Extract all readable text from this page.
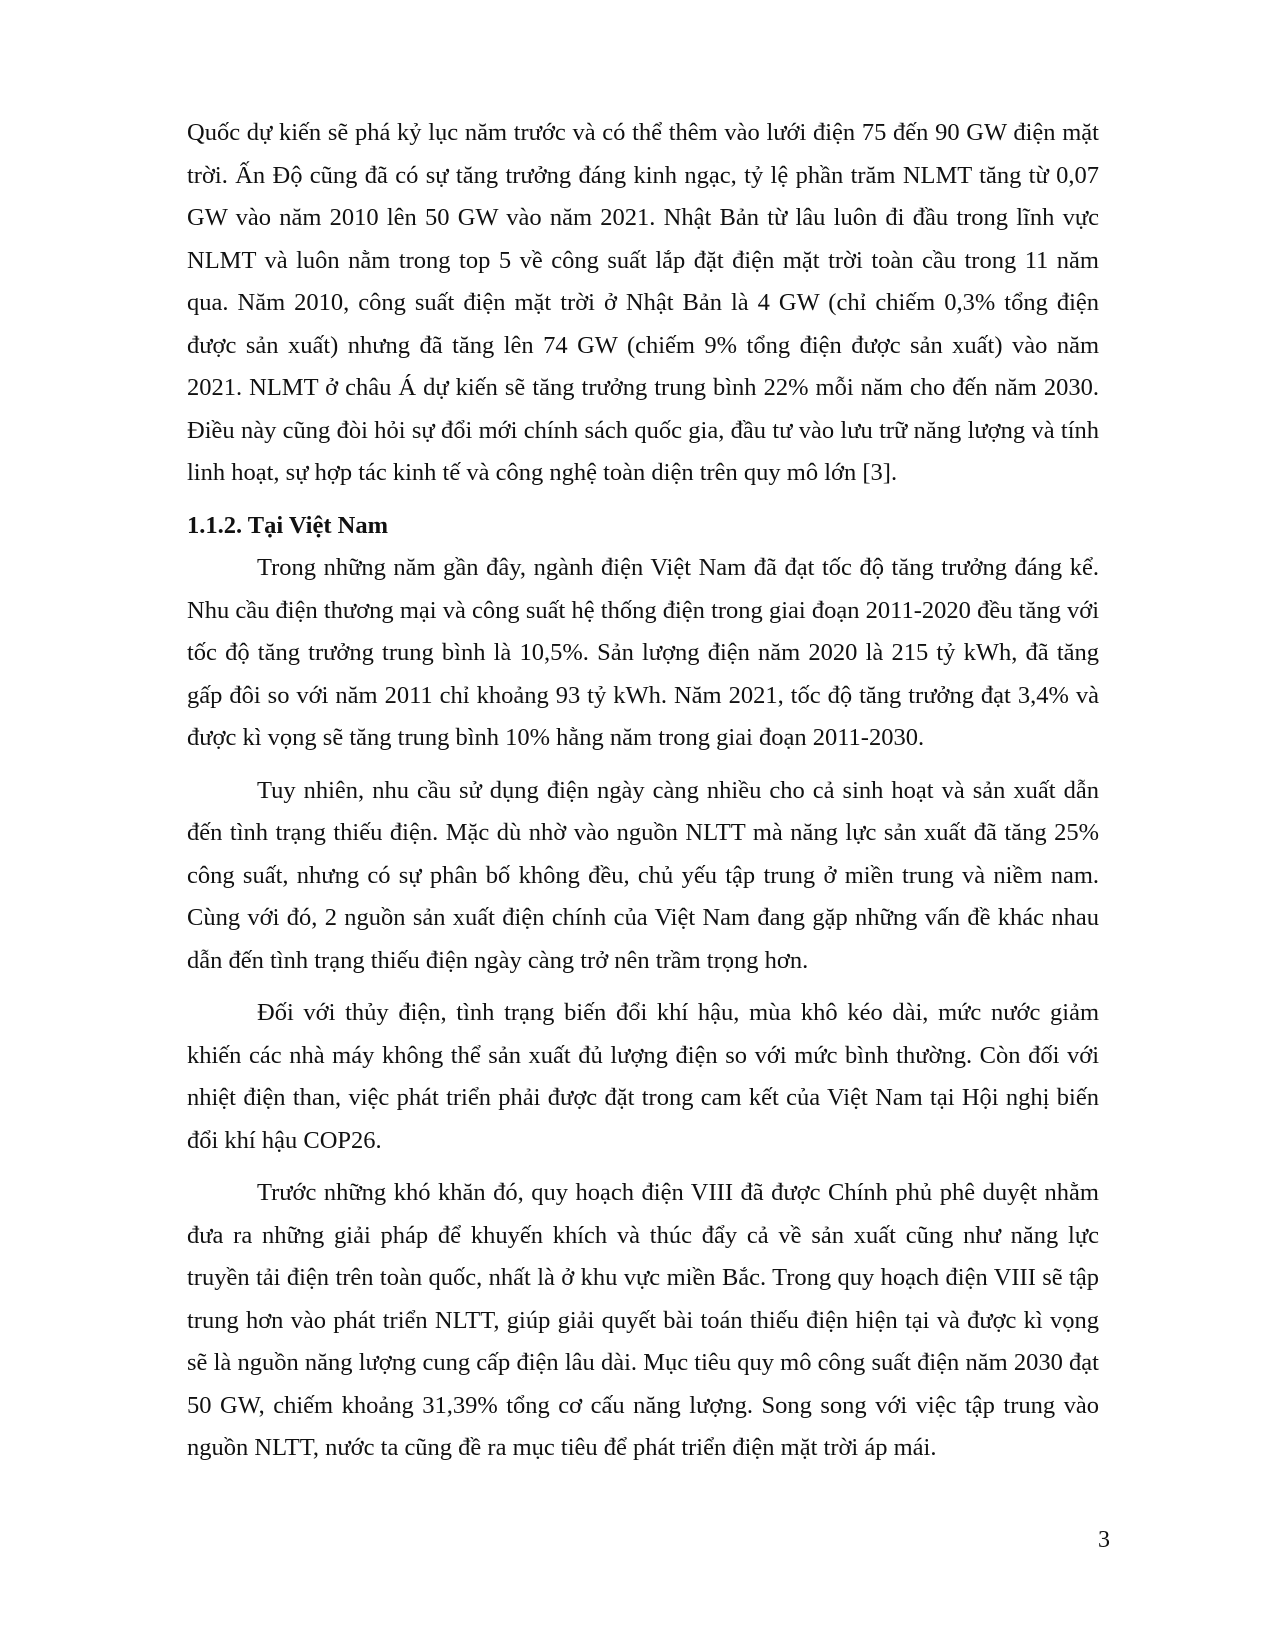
Quốc dự kiến sẽ phá kỷ lục năm trước và có thể thêm vào lưới điện 75 đến 90 GW điện mặt trời. Ấn Độ cũng đã có sự tăng trưởng đáng kinh ngạc, tỷ lệ phần trăm NLMT tăng từ 0,07 GW vào năm 2010 lên 50 GW vào năm 2021. Nhật Bản từ lâu luôn đi đầu trong lĩnh vực NLMT và luôn nằm trong top 5 về công suất lắp đặt điện mặt trời toàn cầu trong 11 năm qua. Năm 2010, công suất điện mặt trời ở Nhật Bản là 4 GW (chỉ chiếm 0,3% tổng điện được sản xuất) nhưng đã tăng lên 74 GW (chiếm 9% tổng điện được sản xuất) vào năm 2021. NLMT ở châu Á dự kiến sẽ tăng trưởng trung bình 22% mỗi năm cho đến năm 2030. Điều này cũng đòi hỏi sự đổi mới chính sách quốc gia, đầu tư vào lưu trữ năng lượng và tính linh hoạt, sự hợp tác kinh tế và công nghệ toàn diện trên quy mô lớn [3].

1.1.2. Tại Việt Nam

Trong những năm gần đây, ngành điện Việt Nam đã đạt tốc độ tăng trưởng đáng kể. Nhu cầu điện thương mại và công suất hệ thống điện trong giai đoạn 2011-2020 đều tăng với tốc độ tăng trưởng trung bình là 10,5%. Sản lượng điện năm 2020 là 215 tỷ kWh, đã tăng gấp đôi so với năm 2011 chỉ khoảng 93 tỷ kWh. Năm 2021, tốc độ tăng trưởng đạt 3,4% và được kì vọng sẽ tăng trung bình 10% hằng năm trong giai đoạn 2011-2030.

Tuy nhiên, nhu cầu sử dụng điện ngày càng nhiều cho cả sinh hoạt và sản xuất dẫn đến tình trạng thiếu điện. Mặc dù nhờ vào nguồn NLTT mà năng lực sản xuất đã tăng 25% công suất, nhưng có sự phân bố không đều, chủ yếu tập trung ở miền trung và niềm nam. Cùng với đó, 2 nguồn sản xuất điện chính của Việt Nam đang gặp những vấn đề khác nhau dẫn đến tình trạng thiếu điện ngày càng trở nên trầm trọng hơn.

Đối với thủy điện, tình trạng biến đổi khí hậu, mùa khô kéo dài, mức nước giảm khiến các nhà máy không thể sản xuất đủ lượng điện so với mức bình thường. Còn đối với nhiệt điện than, việc phát triển phải được đặt trong cam kết của Việt Nam tại Hội nghị biến đổi khí hậu COP26.

Trước những khó khăn đó, quy hoạch điện VIII đã được Chính phủ phê duyệt nhằm đưa ra những giải pháp để khuyến khích và thúc đẩy cả về sản xuất cũng như năng lực truyền tải điện trên toàn quốc, nhất là ở khu vực miền Bắc. Trong quy hoạch điện VIII sẽ tập trung hơn vào phát triển NLTT, giúp giải quyết bài toán thiếu điện hiện tại và được kì vọng sẽ là nguồn năng lượng cung cấp điện lâu dài. Mục tiêu quy mô công suất điện năm 2030 đạt 50 GW, chiếm khoảng 31,39% tổng cơ cấu năng lượng. Song song với việc tập trung vào nguồn NLTT, nước ta cũng đề ra mục tiêu để phát triển điện mặt trời áp mái.

3
